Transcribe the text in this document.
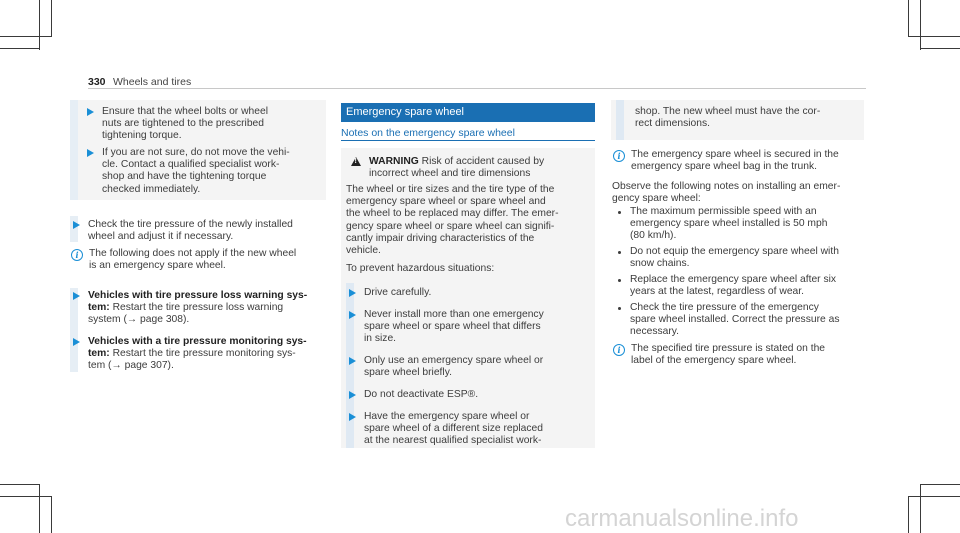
330 Wheels and tires
Ensure that the wheel bolts or wheel
nuts are tightened to the prescribed
tightening torque.
If you are not sure, do not move the vehi-
cle. Contact a qualified specialist work-
shop and have the tightening torque
checked immediately.
Check the tire pressure of the newly installed
wheel and adjust it if necessary.
i	The following does not apply if the new wheel
is an emergency spare wheel.
Vehicles with tire pressure loss warning sys-
tem: Restart the tire pressure loss warning
system (→ page 308).
Vehicles with a tire pressure monitoring sys-
tem: Restart the tire pressure monitoring sys-
tem (→ page 307).
Emergency spare wheel
Notes on the emergency spare wheel
!
WARNING Risk of accident caused by
incorrect wheel and tire dimensions
The wheel or tire sizes and the tire type of the
emergency spare wheel or spare wheel and
the wheel to be replaced may differ. The emer-
gency spare wheel or spare wheel can signifi-
cantly impair driving characteristics of the
vehicle.
To prevent hazardous situations:
Drive carefully.
Never install more than one emergency
spare wheel or spare wheel that differs
in size.
Only use an emergency spare wheel or
spare wheel briefly.
Do not deactivate ESP®.
Have the emergency spare wheel or
spare wheel of a different size replaced
at the nearest qualified specialist work-
shop. The new wheel must have the cor-
rect dimensions.
i	The emergency spare wheel is secured in the
emergency spare wheel bag in the trunk.
Observe the following notes on installing an emer-
gency spare wheel:
The maximum permissible speed with an
emergency spare wheel installed is 50 mph
(80 km/h).
Do not equip the emergency spare wheel with
snow chains.
Replace the emergency spare wheel after six
years at the latest, regardless of wear.
Check the tire pressure of the emergency
spare wheel installed. Correct the pressure as
necessary.
i	The specified tire pressure is stated on the
label of the emergency spare wheel.
carmanualsonline.info
